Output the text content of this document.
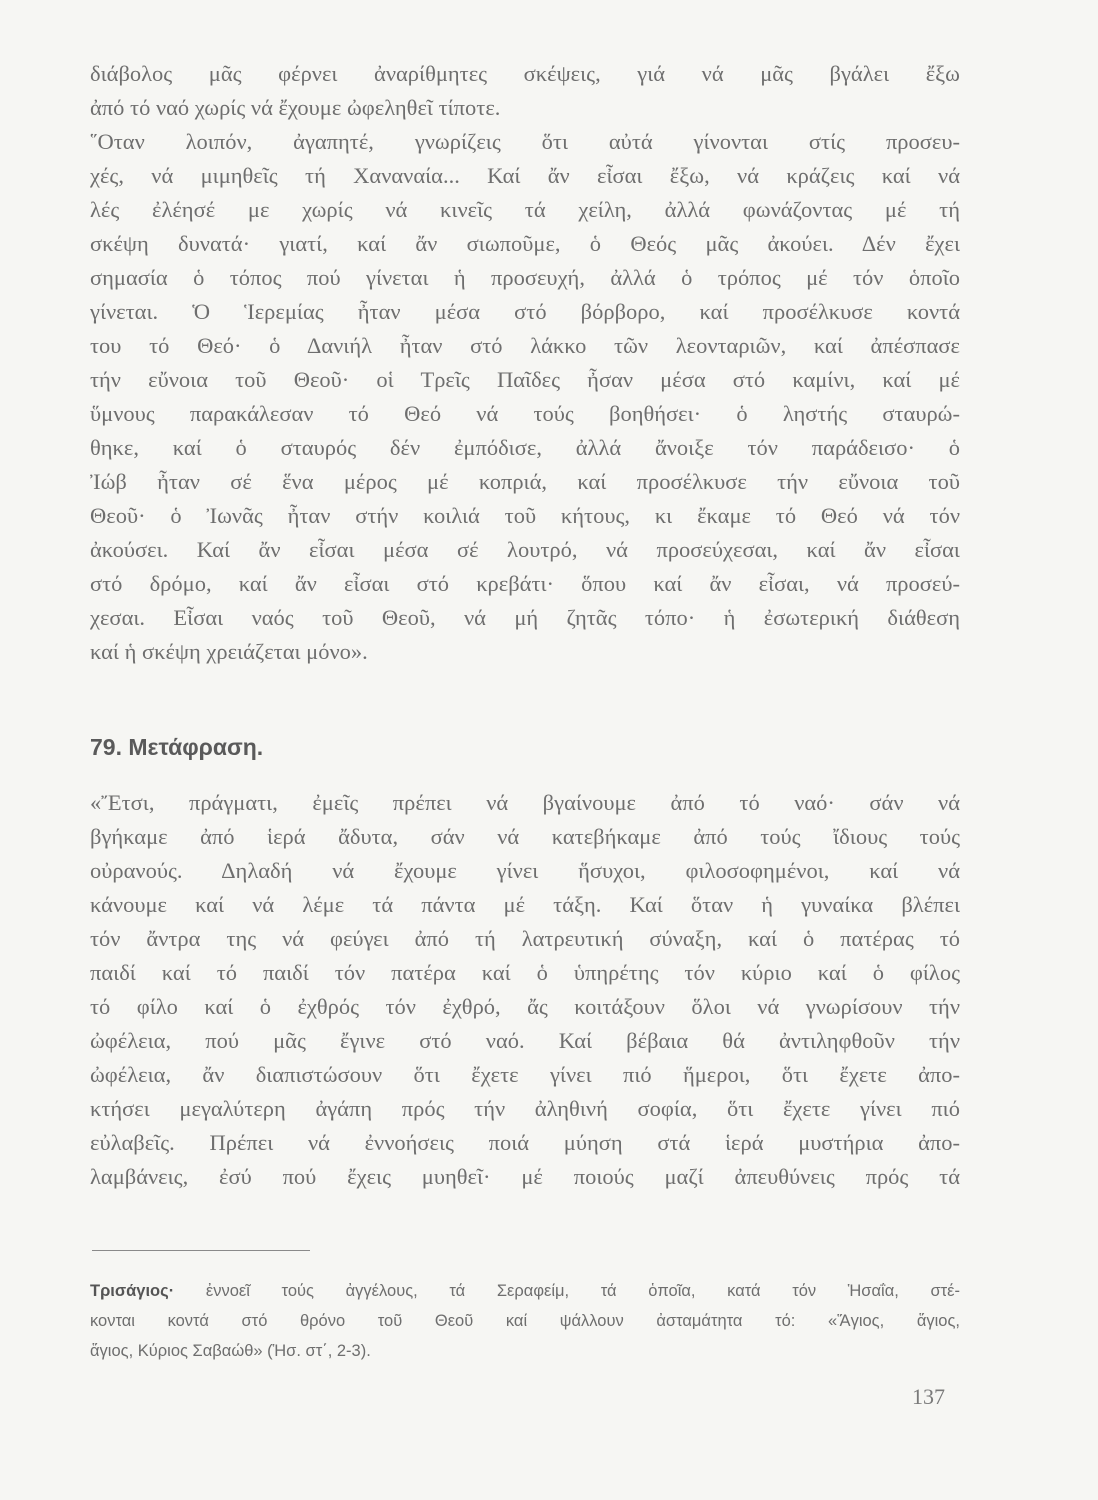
διάβολος μᾶς φέρνει ἀναρίθμητες σκέψεις, γιά νά μᾶς βγάλει ἔξω
ἀπό τό ναό χωρίς νά ἔχουμε ὠφεληθεῖ τίποτε.
῞Οταν λοιπόν, ἀγαπητέ, γνωρίζεις ὅτι αὐτά γίνονται στίς προσευ-
χές, νά μιμηθεῖς τή Χαναναία... Καί ἄν εἶσαι ἔξω, νά κράζεις καί νά
λές ἐλέησέ με χωρίς νά κινεῖς τά χείλη, ἀλλά φωνάζοντας μέ τή
σκέψη δυνατά· γιατί, καί ἄν σιωποῦμε, ὁ Θεός μᾶς ἀκούει. Δέν ἔχει
σημασία ὁ τόπος πού γίνεται ἡ προσευχή, ἀλλά ὁ τρόπος μέ τόν ὁποῖο
γίνεται. Ὁ Ἱερεμίας ἦταν μέσα στό βόρβορο, καί προσέλκυσε κοντά
του τό Θεό· ὁ Δανιήλ ἦταν στό λάκκο τῶν λεονταριῶν, καί ἀπέσπασε
τήν εὔνοια τοῦ Θεοῦ· οἱ Τρεῖς Παῖδες ἦσαν μέσα στό καμίνι, καί μέ
ὕμνους παρακάλεσαν τό Θεό νά τούς βοηθήσει· ὁ ληστής σταυρώ-
θηκε, καί ὁ σταυρός δέν ἐμπόδισε, ἀλλά ἄνοιξε τόν παράδεισο· ὁ
Ἰώβ ἦταν σέ ἕνα μέρος μέ κοπριά, καί προσέλκυσε τήν εὔνοια τοῦ
Θεοῦ· ὁ Ἰωνᾶς ἦταν στήν κοιλιά τοῦ κήτους, κι ἔκαμε τό Θεό νά τόν
ἀκούσει. Καί ἄν εἶσαι μέσα σέ λουτρό, νά προσεύχεσαι, καί ἄν εἶσαι
στό δρόμο, καί ἄν εἶσαι στό κρεβάτι· ὅπου καί ἄν εἶσαι, νά προσεύ-
χεσαι. Εἶσαι ναός τοῦ Θεοῦ, νά μή ζητᾶς τόπο· ἡ ἐσωτερική διάθεση
καί ἡ σκέψη χρειάζεται μόνο».
79. Μετάφραση.
«Ἔτσι, πράγματι, ἐμεῖς πρέπει νά βγαίνουμε ἀπό τό ναό· σάν νά
βγήκαμε ἀπό ἱερά ἄδυτα, σάν νά κατεβήκαμε ἀπό τούς ἴδιους τούς
οὐρανούς. Δηλαδή νά ἔχουμε γίνει ἥσυχοι, φιλοσοφημένοι, καί νά
κάνουμε καί νά λέμε τά πάντα μέ τάξη. Καί ὅταν ἡ γυναίκα βλέπει
τόν ἄντρα της νά φεύγει ἀπό τή λατρευτική σύναξη, καί ὁ πατέρας τό
παιδί καί τό παιδί τόν πατέρα καί ὁ ὑπηρέτης τόν κύριο καί ὁ φίλος
τό φίλο καί ὁ ἐχθρός τόν ἐχθρό, ἄς κοιτάξουν ὅλοι νά γνωρίσουν τήν
ὠφέλεια, πού μᾶς ἔγινε στό ναό. Καί βέβαια θά ἀντιληφθοῦν τήν
ὠφέλεια, ἄν διαπιστώσουν ὅτι ἔχετε γίνει πιό ἥμεροι, ὅτι ἔχετε ἀπο-
κτήσει μεγαλύτερη ἀγάπη πρός τήν ἀληθινή σοφία, ὅτι ἔχετε γίνει πιό
εὐλαβεῖς. Πρέπει νά ἐννοήσεις ποιά μύηση στά ἱερά μυστήρια ἀπο-
λαμβάνεις, ἐσύ πού ἔχεις μυηθεῖ· μέ ποιούς μαζί ἀπευθύνεις πρός τά
Τρισάγιος· ἐννοεῖ τούς ἀγγέλους, τά Σεραφείμ, τά ὁποῖα, κατά τόν Ἡσαΐα, στέ-
κονται κοντά στό θρόνο τοῦ Θεοῦ καί ψάλλουν ἀσταμάτητα τό: «Ἅγιος, ἅγιος,
ἅγιος, Κύριος Σαβαώθ» (Ἡσ. στ΄, 2-3).
137
